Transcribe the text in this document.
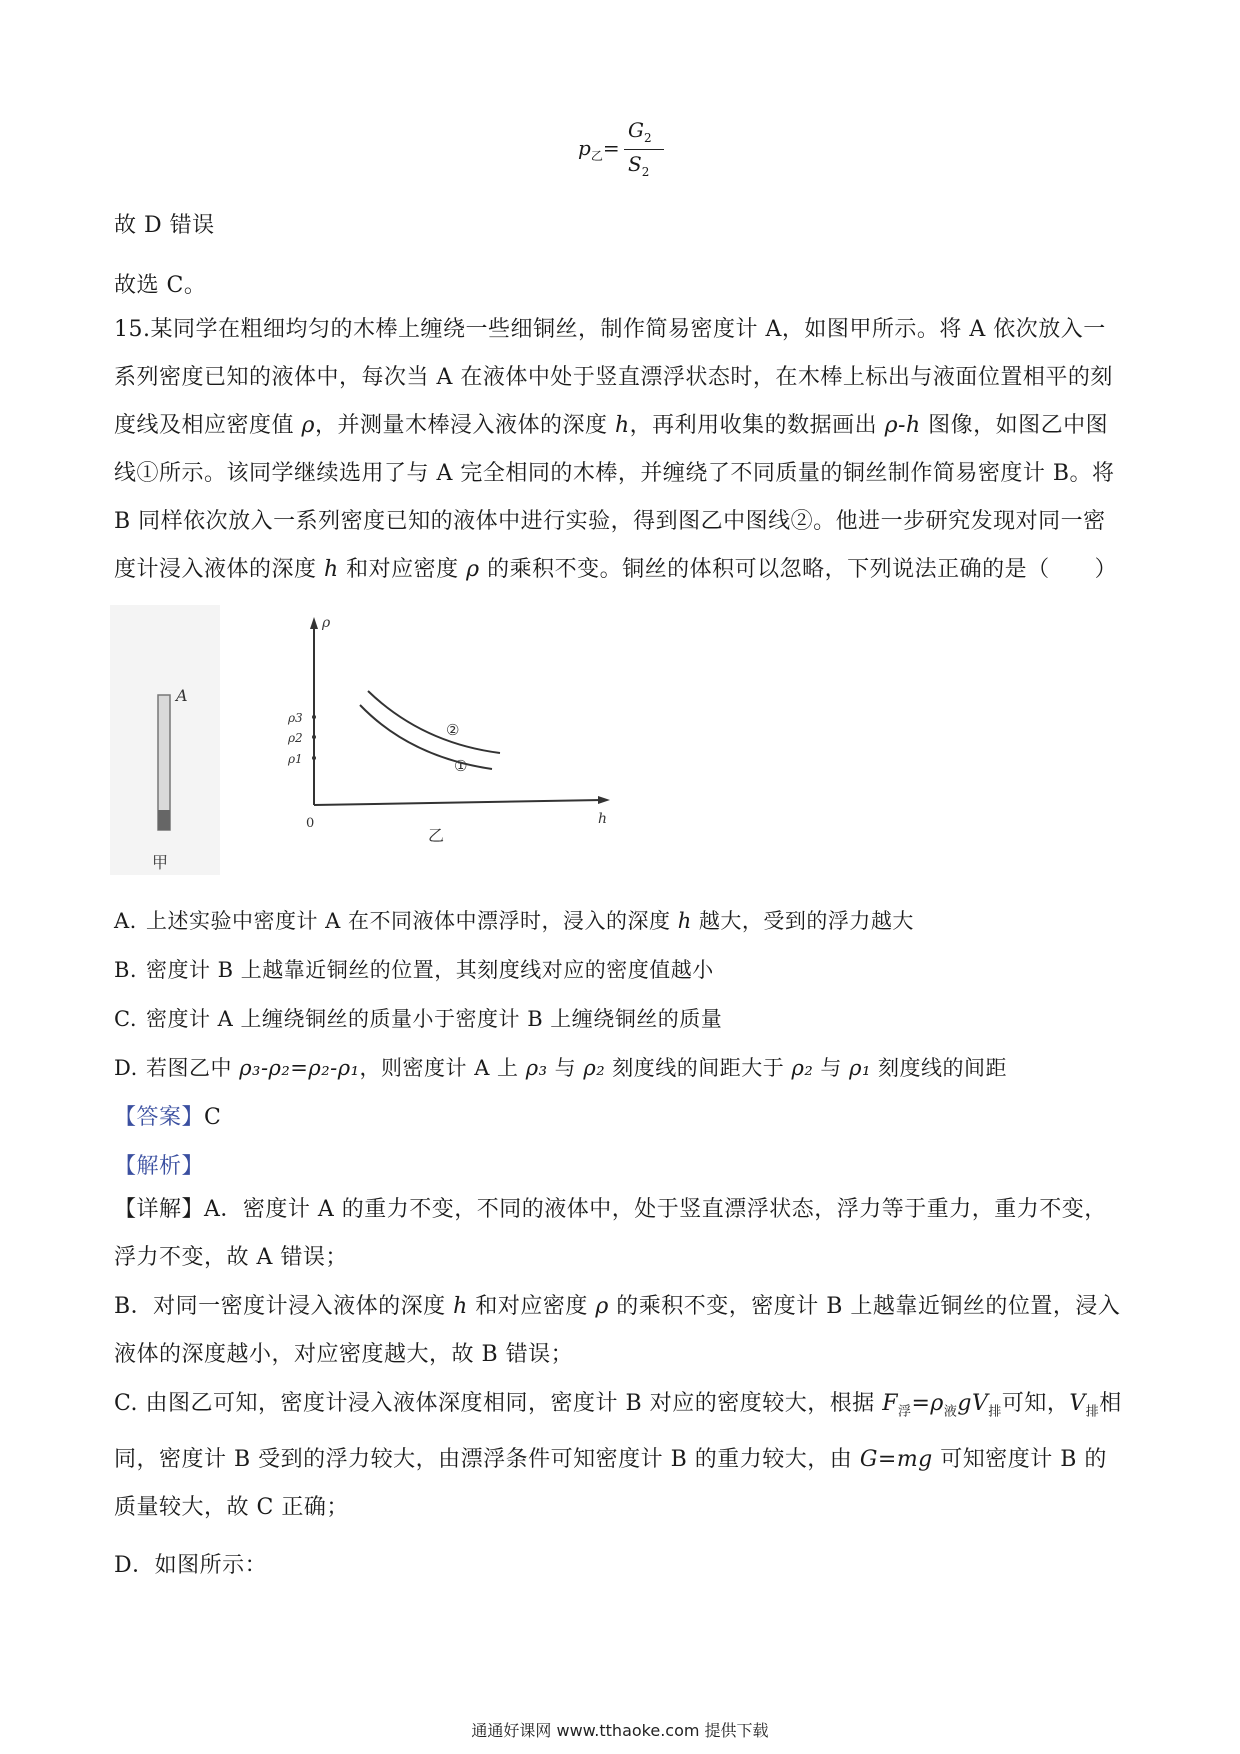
$p_乙=$
$G_2$
$S_2$
故 D 错误
故选 C。
15.某同学在粗细均匀的木棒上缠绕一些细铜丝，制作简易密度计 A，如图甲所示。将 A 依次放入一系列密度已知的液体中，每次当 A 在液体中处于竖直漂浮状态时，在木棒上标出与液面位置相平的刻度线及相应密度值 ρ，并测量木棒浸入液体的深度 h，再利用收集的数据画出 ρ-h 图像，如图乙中图线①所示。该同学继续选用了与 A 完全相同的木棒，并缠绕了不同质量的铜丝制作简易密度计 B。将 B 同样依次放入一系列密度已知的液体中进行实验，得到图乙中图线②。他进一步研究发现对同一密度计浸入液体的深度 h 和对应密度 ρ 的乘积不变。铜丝的体积可以忽略，下列说法正确的是（　　）
A
甲
ρ
h
0
ρ3
ρ2
ρ1
②
①
乙
A. 上述实验中密度计 A 在不同液体中漂浮时，浸入的深度 h 越大，受到的浮力越大
B. 密度计 B 上越靠近铜丝的位置，其刻度线对应的密度值越小
C. 密度计 A 上缠绕铜丝的质量小于密度计 B 上缠绕铜丝的质量
D. 若图乙中 ρ₃-ρ₂=ρ₂-ρ₁，则密度计 A 上 ρ₃ 与 ρ₂ 刻度线的间距大于 ρ₂ 与 ρ₁ 刻度线的间距
【答案】C
【解析】
【详解】A．密度计 A 的重力不变，不同的液体中，处于竖直漂浮状态，浮力等于重力，重力不变，浮力不变，故 A 错误；
B．对同一密度计浸入液体的深度 h 和对应密度 ρ 的乘积不变，密度计 B 上越靠近铜丝的位置，浸入液体的深度越小，对应密度越大，故 B 错误；
C. 由图乙可知，密度计浸入液体深度相同，密度计 B 对应的密度较大，根据 $F_浮=\rho_液gV_排$可知，$V_排$相同，密度计 B 受到的浮力较大，由漂浮条件可知密度计 B 的重力较大，由 G=mg 可知密度计 B 的质量较大，故 C 正确；
D．如图所示：
通通好课网 www.tthaoke.com 提供下载
